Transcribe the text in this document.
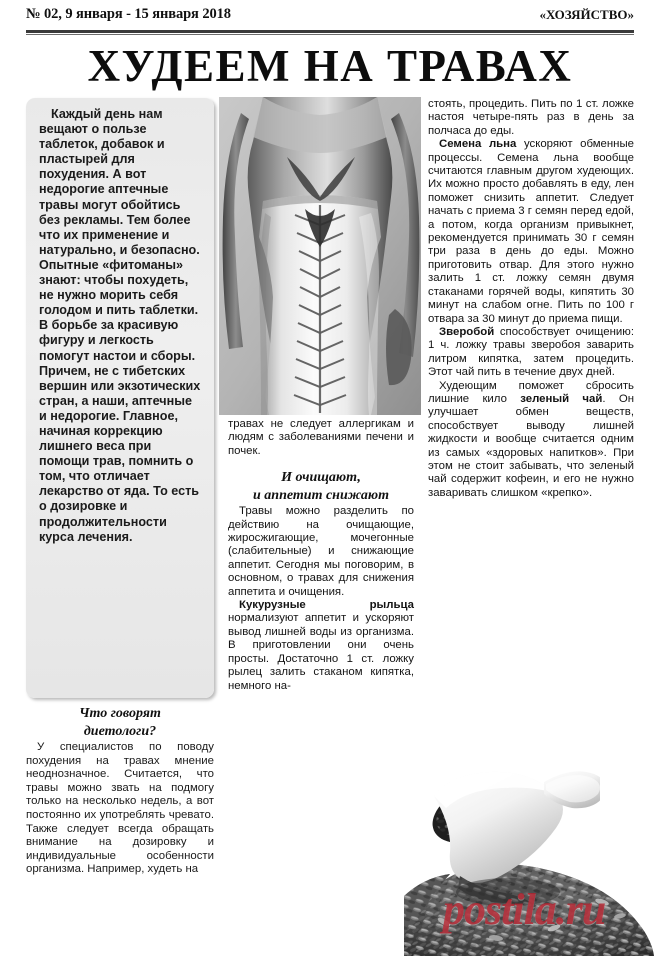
№ 02, 9 января - 15 января 2018	«ХОЗЯЙСТВО»
ХУДЕЕМ НА ТРАВАХ

Каждый день нам вещают о пользе таблеток, добавок и пластырей для похудения. А вот недорогие аптечные травы могут обойтись без рекламы. Тем более что их применение и натурально, и безопасно. Опытные «фитоманы» знают: чтобы похудеть, не нужно морить себя голодом и пить таблетки. В борьбе за красивую фигуру и легкость помогут настои и сборы. Причем, не с тибетских вершин или экзотических стран, а наши, аптечные и недорогие. Главное, начиная коррекцию лишнего веса при помощи трав, помнить о том, что отличает лекарство от яда. То есть о дозировке и продолжительности курса лечения.

Что говорят
диетологи?

У специалистов по поводу похудения на травах мнение неоднозначное. Считается, что травы можно звать на подмогу только на несколько недель, а вот постоянно их употреблять чревато. Также следует всегда обращать внимание на дозировку и индивидуальные особенности организма. Например, худеть на

травах не следует аллергикам и людям с заболеваниями печени и почек.

И очищают,
и аппетит снижают

Травы можно разделить по действию на очищающие, жиросжигающие, мочегонные (слабительные) и снижающие аппетит. Сегодня мы поговорим, в основном, о травах для снижения аппетита и очищения.

Кукурузные рыльца нормализуют аппетит и ускоряют вывод лишней воды из организма. В приготовлении они очень просты. Достаточно 1 ст. ложку рылец залить стаканом кипятка, немного на-

стоять, процедить. Пить по 1 ст. ложке настоя четыре-пять раз в день за полчаса до еды.

Семена льна ускоряют обменные процессы. Семена льна вообще считаются главным другом худеющих. Их можно просто добавлять в еду, лен поможет снизить аппетит. Следует начать с приема 3 г семян перед едой, а потом, когда организм привыкнет, рекомендуется принимать 30 г семян три раза в день до еды. Можно приготовить отвар. Для этого нужно залить 1 ст. ложку семян двумя стаканами горячей воды, кипятить 30 минут на слабом огне. Пить по 100 г отвара за 30 минут до приема пищи.

Зверобой способствует очищению: 1 ч. ложку травы зверобоя заварить литром кипятка, затем процедить. Этот чай пить в течение двух дней.

Худеющим поможет сбросить лишние кило зеленый чай. Он улучшает обмен веществ, способствует выводу лишней жидкости и вообще считается одним из самых «здоровых напитков». При этом не стоит забывать, что зеленый чай содержит кофеин, и его не нужно заваривать слишком «крепко».

postila.ru
